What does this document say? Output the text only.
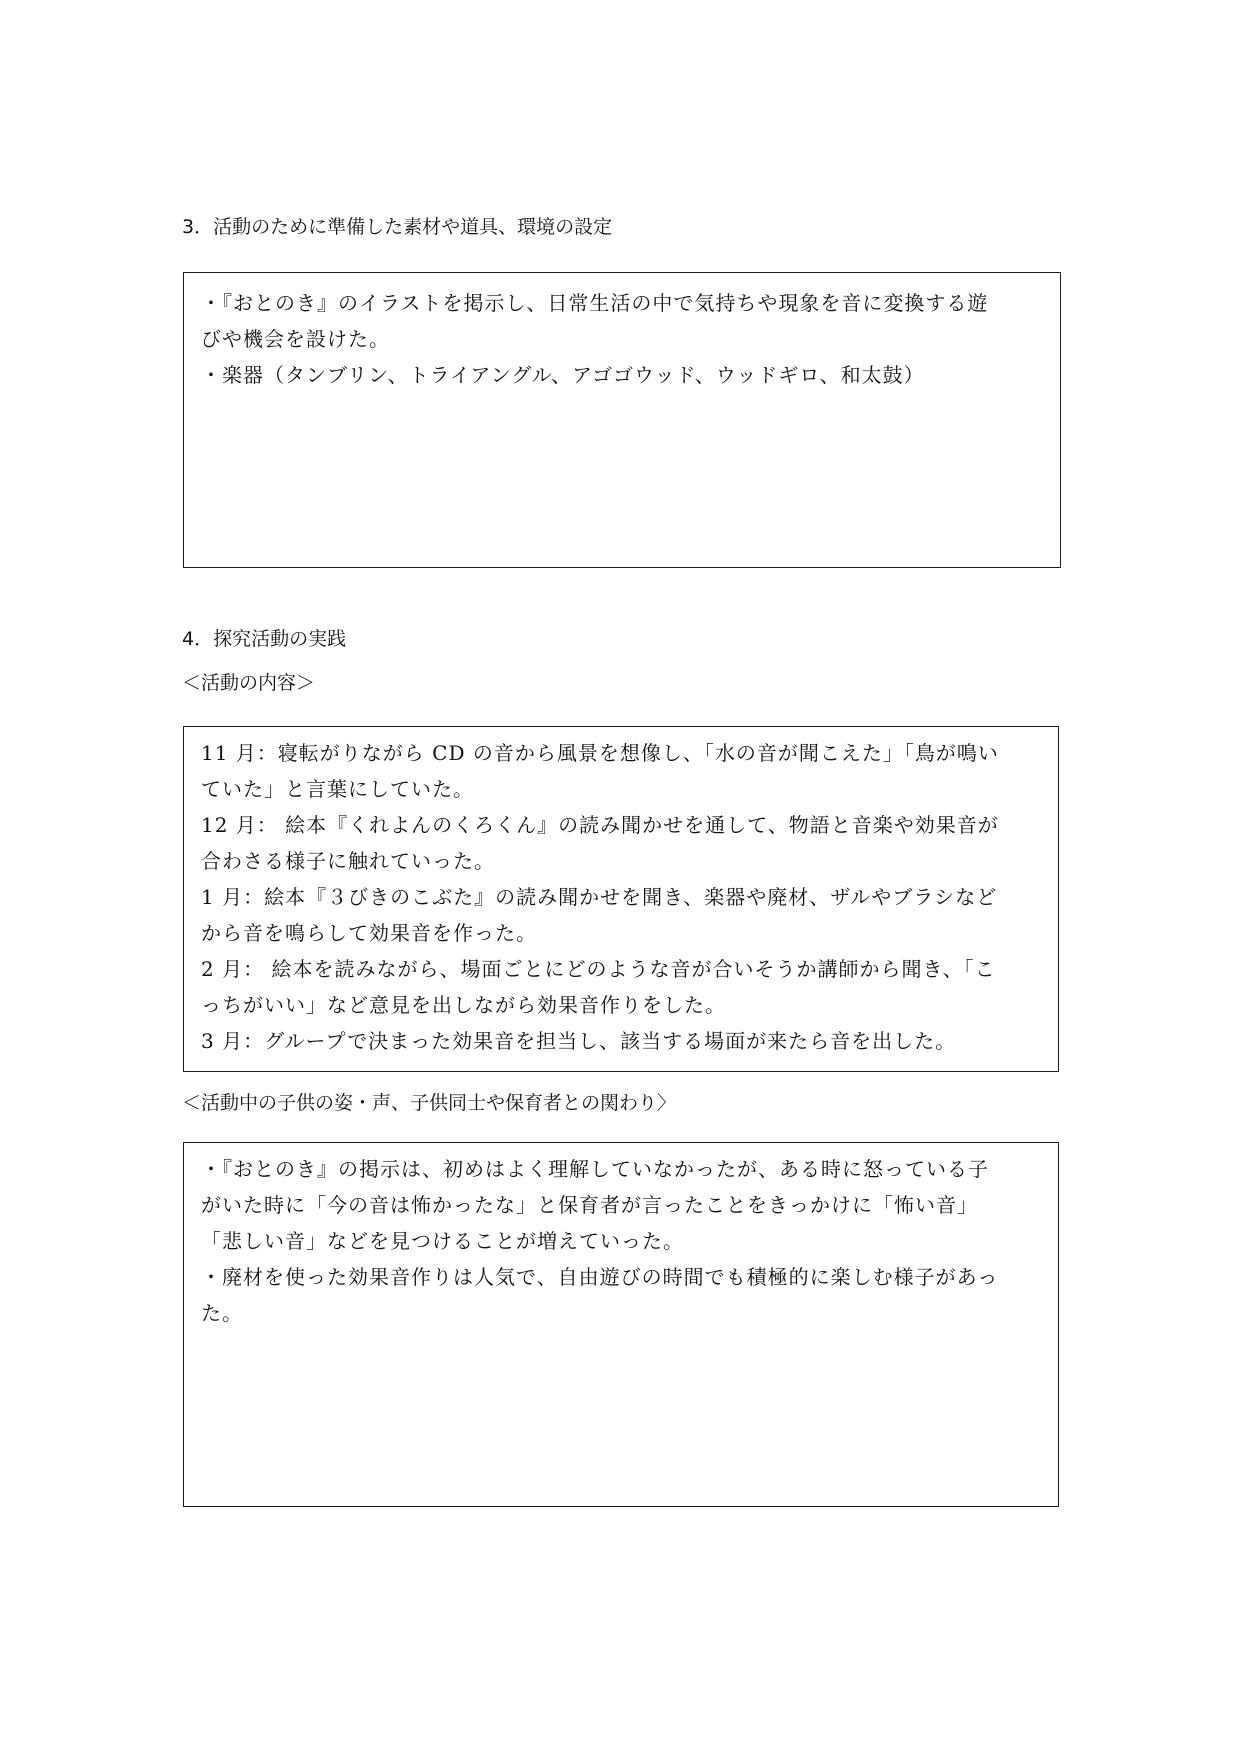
3．活動のために準備した素材や道具、環境の設定

・『おとのき』のイラストを掲示し、日常生活の中で気持ちや現象を音に変換する遊

びや機会を設けた。

・楽器（タンブリン、トライアングル、アゴゴウッド、ウッドギロ、和太鼓）

4．探究活動の実践
＜活動の内容＞

11 月：寝転がりながら CD の音から風景を想像し、「水の音が聞こえた」「鳥が鳴い

ていた」と言葉にしていた。

12 月： 絵本『くれよんのくろくん』の読み聞かせを通して、物語と音楽や効果音が

合わさる様子に触れていった。

1 月：絵本『３びきのこぶた』の読み聞かせを聞き、楽器や廃材、ザルやブラシなど

から音を鳴らして効果音を作った。

2 月： 絵本を読みながら、場面ごとにどのような音が合いそうか講師から聞き、「こ

っちがいい」など意見を出しながら効果音作りをした。

3 月：グループで決まった効果音を担当し、該当する場面が来たら音を出した。

＜活動中の子供の姿・声、子供同士や保育者との関わり〉

・『おとのき』の掲示は、初めはよく理解していなかったが、ある時に怒っている子

がいた時に「今の音は怖かったな」と保育者が言ったことをきっかけに「怖い音」

「悲しい音」などを見つけることが増えていった。

・廃材を使った効果音作りは人気で、自由遊びの時間でも積極的に楽しむ様子があっ

た。
